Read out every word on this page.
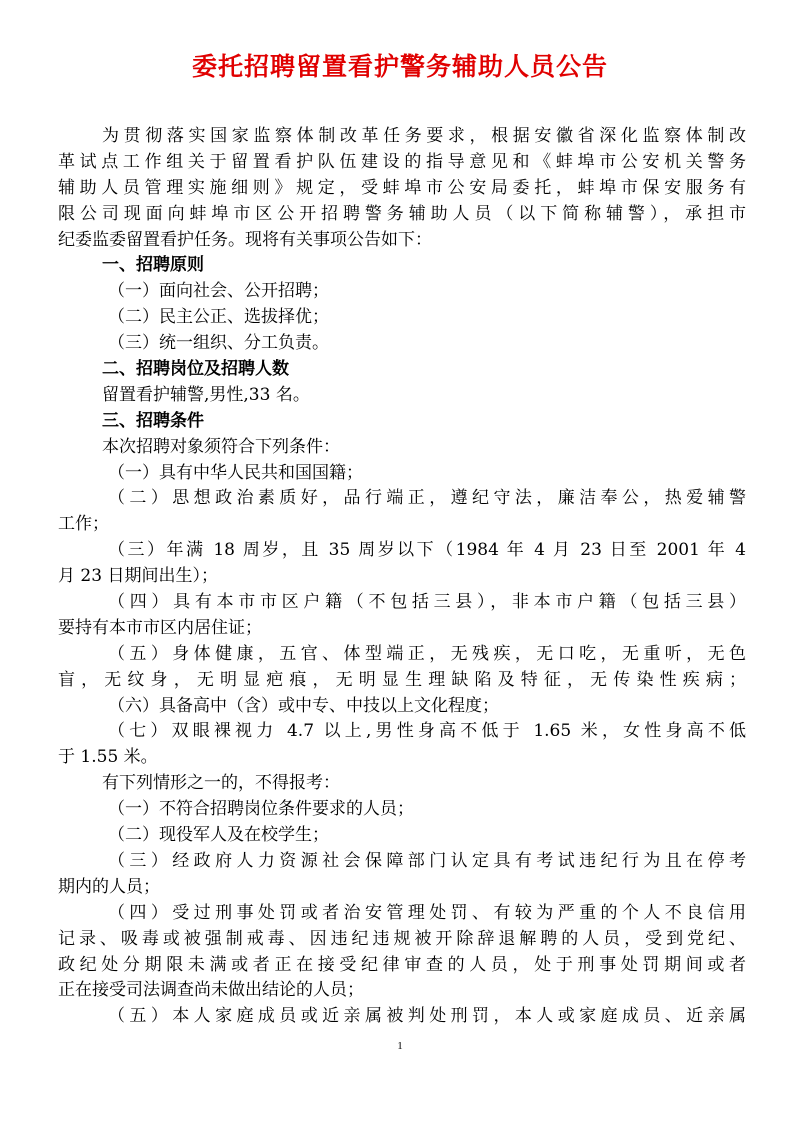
委托招聘留置看护警务辅助人员公告

为贯彻落实国家监察体制改革任务要求，根据安徽省深化监察体制改

革试点工作组关于留置看护队伍建设的指导意见和《蚌埠市公安机关警务

辅助人员管理实施细则》规定，受蚌埠市公安局委托，蚌埠市保安服务有

限公司现面向蚌埠市区公开招聘警务辅助人员（以下简称辅警），承担市

纪委监委留置看护任务。现将有关事项公告如下：

一、招聘原则

（一）面向社会、公开招聘；

（二）民主公正、选拔择优；

（三）统一组织、分工负责。

二、招聘岗位及招聘人数

留置看护辅警,男性,33 名。

三、招聘条件

本次招聘对象须符合下列条件：

（一）具有中华人民共和国国籍；

（二）思想政治素质好，品行端正，遵纪守法，廉洁奉公，热爱辅警

工作；

（三）年满 18 周岁，且 35 周岁以下（1984 年 4 月 23 日至 2001 年 4

月 23 日期间出生）；

（四）具有本市市区户籍（不包括三县），非本市户籍（包括三县）

要持有本市市区内居住证；

（五）身体健康，五官、体型端正，无残疾，无口吃，无重听，无色

盲，无纹身，无明显疤痕，无明显生理缺陷及特征，无传染性疾病；

（六）具备高中（含）或中专、中技以上文化程度；

（七）双眼裸视力 4.7 以上,男性身高不低于 1.65 米，女性身高不低

于 1.55 米。

有下列情形之一的，不得报考：

（一）不符合招聘岗位条件要求的人员；

（二）现役军人及在校学生；

（三）经政府人力资源社会保障部门认定具有考试违纪行为且在停考

期内的人员；

（四）受过刑事处罚或者治安管理处罚、有较为严重的个人不良信用

记录、吸毒或被强制戒毒、因违纪违规被开除辞退解聘的人员，受到党纪、

政纪处分期限未满或者正在接受纪律审查的人员，处于刑事处罚期间或者

正在接受司法调查尚未做出结论的人员；

（五）本人家庭成员或近亲属被判处刑罚，本人或家庭成员、近亲属

1
